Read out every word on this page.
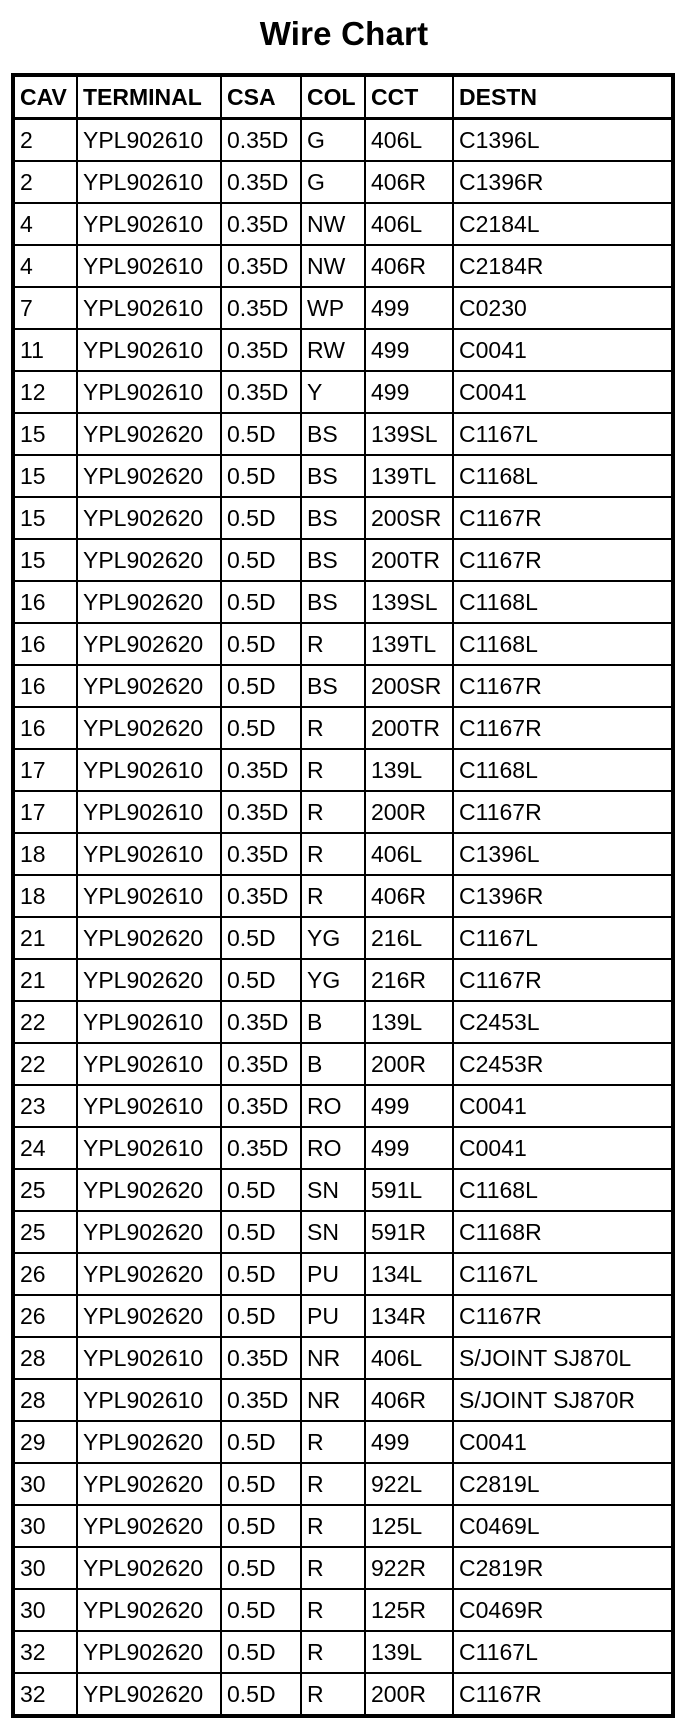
Wire Chart
CAV	TERMINAL	CSA	COL	CCT	DESTN
2	YPL902610	0.35D	G	406L	C1396L
2	YPL902610	0.35D	G	406R	C1396R
4	YPL902610	0.35D	NW	406L	C2184L
4	YPL902610	0.35D	NW	406R	C2184R
7	YPL902610	0.35D	WP	499	C0230
11	YPL902610	0.35D	RW	499	C0041
12	YPL902610	0.35D	Y	499	C0041
15	YPL902620	0.5D	BS	139SL	C1167L
15	YPL902620	0.5D	BS	139TL	C1168L
15	YPL902620	0.5D	BS	200SR	C1167R
15	YPL902620	0.5D	BS	200TR	C1167R
16	YPL902620	0.5D	BS	139SL	C1168L
16	YPL902620	0.5D	R	139TL	C1168L
16	YPL902620	0.5D	BS	200SR	C1167R
16	YPL902620	0.5D	R	200TR	C1167R
17	YPL902610	0.35D	R	139L	C1168L
17	YPL902610	0.35D	R	200R	C1167R
18	YPL902610	0.35D	R	406L	C1396L
18	YPL902610	0.35D	R	406R	C1396R
21	YPL902620	0.5D	YG	216L	C1167L
21	YPL902620	0.5D	YG	216R	C1167R
22	YPL902610	0.35D	B	139L	C2453L
22	YPL902610	0.35D	B	200R	C2453R
23	YPL902610	0.35D	RO	499	C0041
24	YPL902610	0.35D	RO	499	C0041
25	YPL902620	0.5D	SN	591L	C1168L
25	YPL902620	0.5D	SN	591R	C1168R
26	YPL902620	0.5D	PU	134L	C1167L
26	YPL902620	0.5D	PU	134R	C1167R
28	YPL902610	0.35D	NR	406L	S/JOINT SJ870L
28	YPL902610	0.35D	NR	406R	S/JOINT SJ870R
29	YPL902620	0.5D	R	499	C0041
30	YPL902620	0.5D	R	922L	C2819L
30	YPL902620	0.5D	R	125L	C0469L
30	YPL902620	0.5D	R	922R	C2819R
30	YPL902620	0.5D	R	125R	C0469R
32	YPL902620	0.5D	R	139L	C1167L
32	YPL902620	0.5D	R	200R	C1167R
